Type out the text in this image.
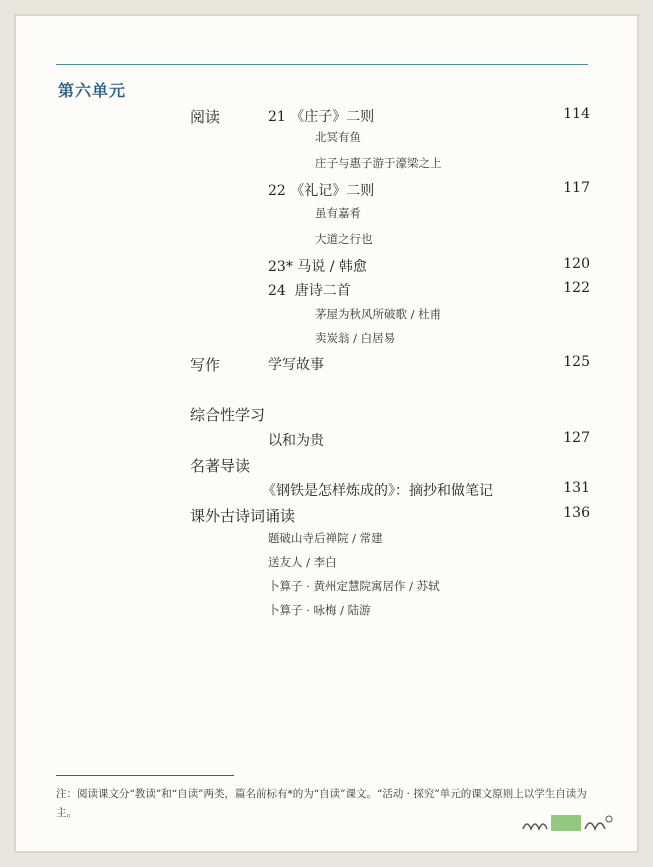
第六单元
阅读	21 《庄子》二则	114
北冥有鱼
庄子与惠子游于濠梁之上
22 《礼记》二则	117
虽有嘉肴
大道之行也
23* 马说 / 韩愈	120
24 唐诗二首	122
茅屋为秋风所破歌 / 杜甫
卖炭翁 / 白居易
写作	学写故事	125
综合性学习
以和为贵	127
名著导读
《钢铁是怎样炼成的》：摘抄和做笔记	131
课外古诗词诵读	136
题破山寺后禅院 / 常建
送友人 / 李白
卜算子 · 黄州定慧院寓居作 / 苏轼
卜算子 · 咏梅 / 陆游
注：阅读课文分“教读”和“自读”两类，篇名前标有*的为“自读”课文。“活动 · 探究”单元的课文原则上以学生自读为主。
